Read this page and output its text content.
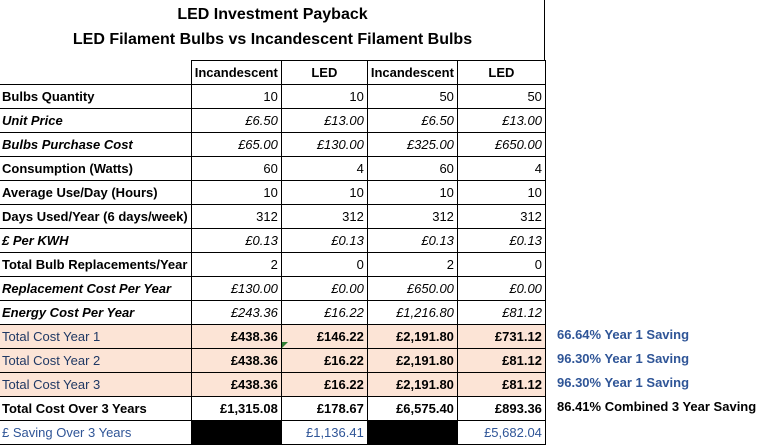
LED Investment Payback
LED Filament Bulbs vs Incandescent Filament Bulbs
	Incandescent	LED	Incandescent	LED
Bulbs Quantity	10	10	50	50
Unit Price	£6.50	£13.00	£6.50	£13.00
Bulbs Purchase Cost	£65.00	£130.00	£325.00	£650.00
Consumption (Watts)	60	4	60	4
Average Use/Day (Hours)	10	10	10	10
Days Used/Year (6 days/week)	312	312	312	312
£ Per KWH	£0.13	£0.13	£0.13	£0.13
Total Bulb Replacements/Year	2	0	2	0
Replacement Cost Per Year	£130.00	£0.00	£650.00	£0.00
Energy Cost Per Year	£243.36	£16.22	£1,216.80	£81.12
Total Cost Year 1	£438.36	£146.22	£2,191.80	£731.12
Total Cost Year 2	£438.36	£16.22	£2,191.80	£81.12
Total Cost Year 3	£438.36	£16.22	£2,191.80	£81.12
Total Cost Over 3 Years	£1,315.08	£178.67	£6,575.40	£893.36
£ Saving Over 3 Years		£1,136.41		£5,682.04
66.64% Year 1 Saving
96.30% Year 1 Saving
96.30% Year 1 Saving
86.41% Combined 3 Year Saving
